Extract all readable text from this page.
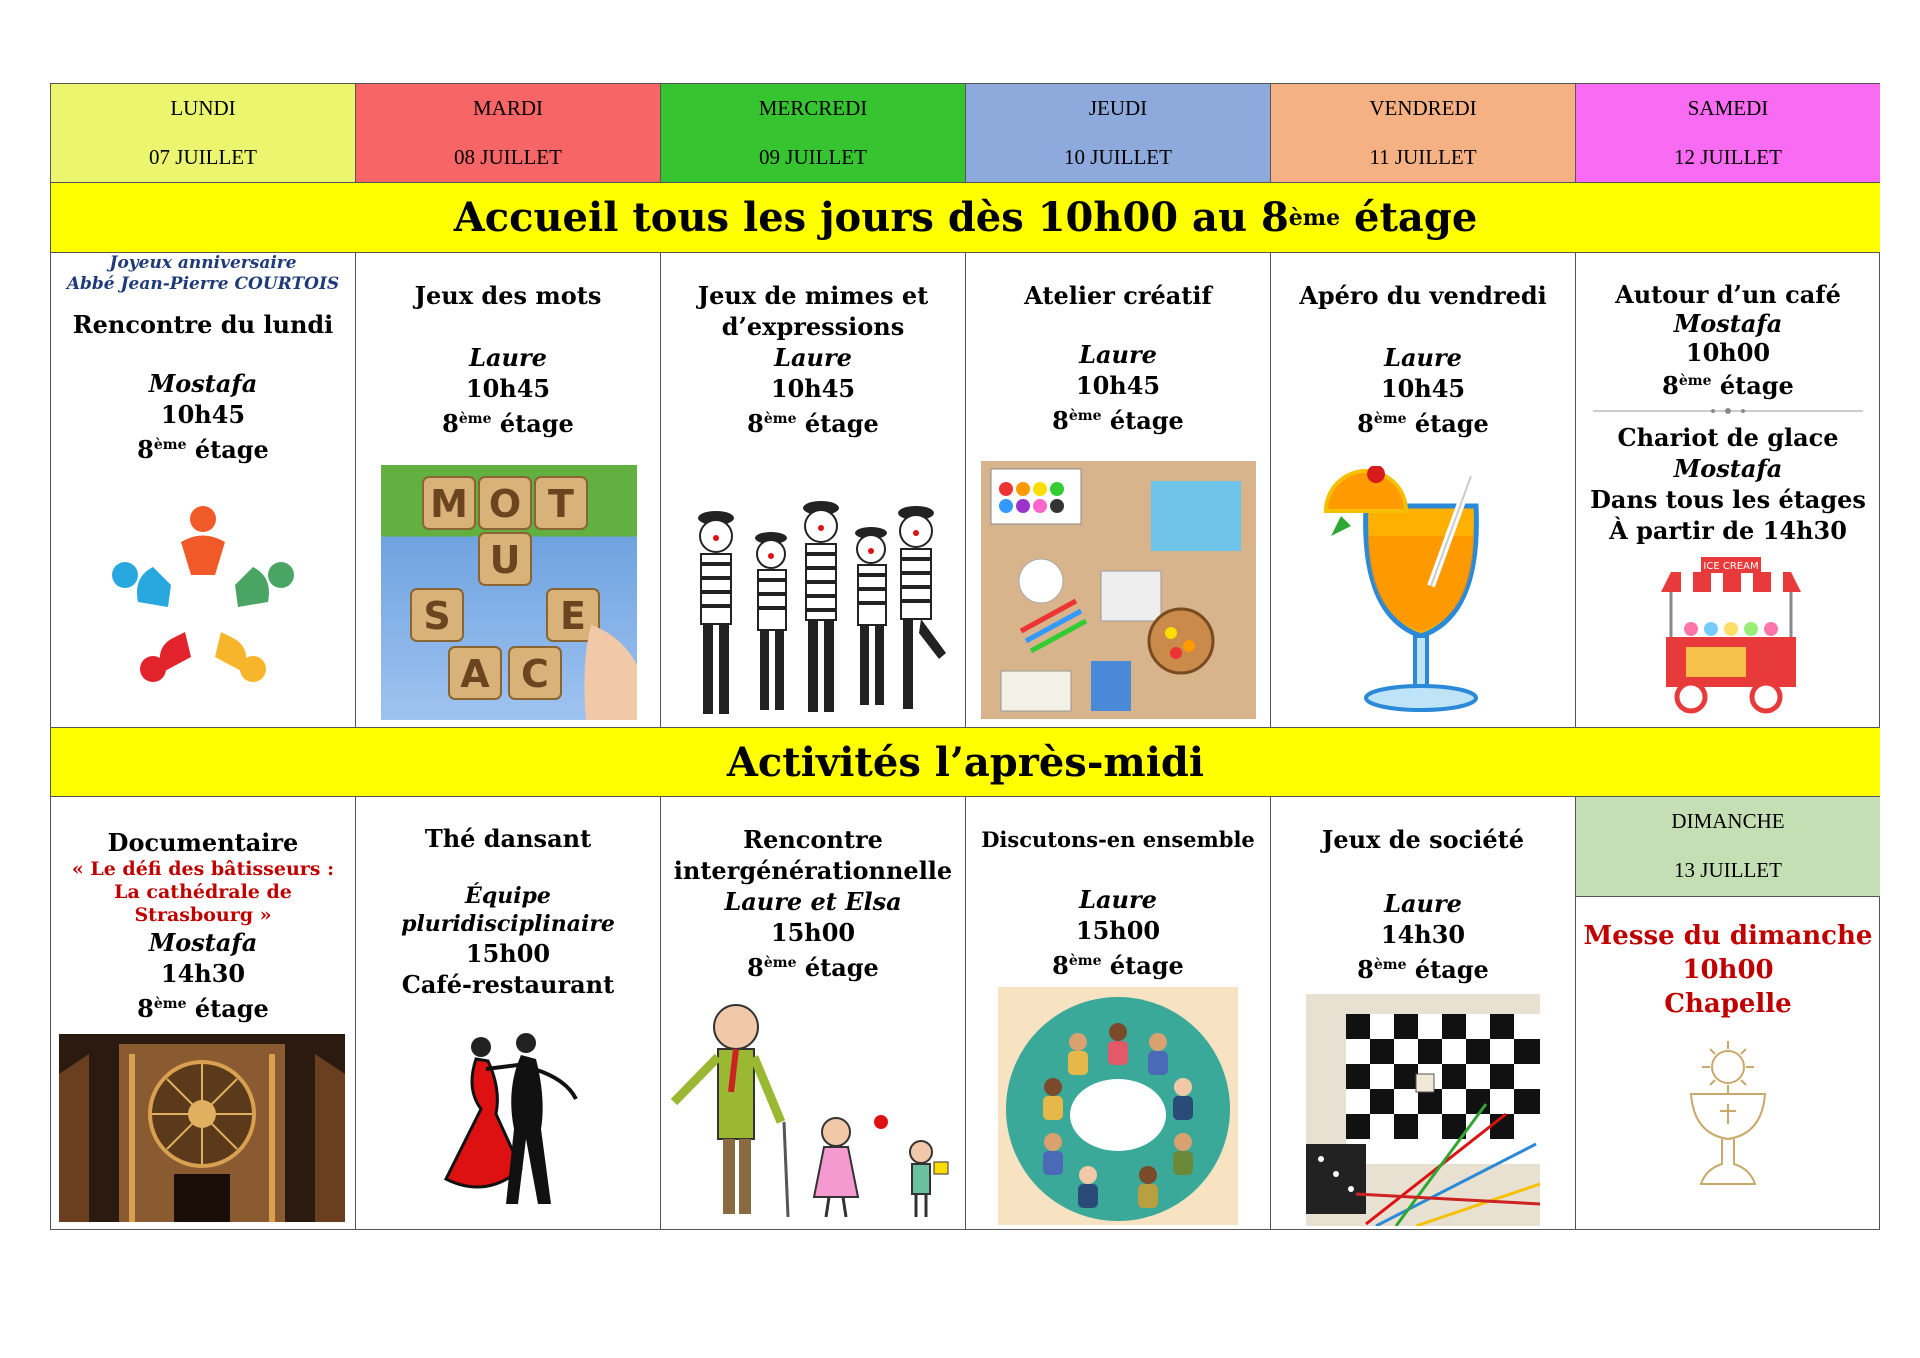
LUNDI
07 JUILLET
MARDI
08 JUILLET
MERCREDI
09 JUILLET
JEUDI
10 JUILLET
VENDREDI
11 JUILLET
SAMEDI
12 JUILLET
Accueil tous les jours dès 10h00 au 8 ème étage
Joyeux anniversaire
Abbé Jean-Pierre COURTOIS
Rencontre du lundi
Mostafa
10h45
8ème étage
Jeux des mots
Laure
10h45
8ème étage
M O T
U
S	E
A C
Jeux de mimes et
d’expressions
Laure
10h45
8ème étage
Atelier créatif
Laure
10h45
8ème étage
Apéro du vendredi
Laure
10h45
8ème étage
Autour d’un café
Mostafa
10h00
8ème étage
Chariot de glace
Mostafa
Dans tous les étages
À partir de 14h30
ICE CREAM
Activités l’après-midi
Documentaire
« Le défi des bâtisseurs :
La cathédrale de
Strasbourg »
Mostafa
14h30
8ème étage
Thé dansant
Équipe
pluridisciplinaire
15h00
Café-restaurant
Rencontre
intergénérationnelle
Laure et Elsa
15h00
8ème étage
Discutons-en ensemble
Laure
15h00
8ème étage
Jeux de société
Laure
14h30
8ème étage
DIMANCHE
13 JUILLET
Messe du dimanche
10h00
Chapelle
